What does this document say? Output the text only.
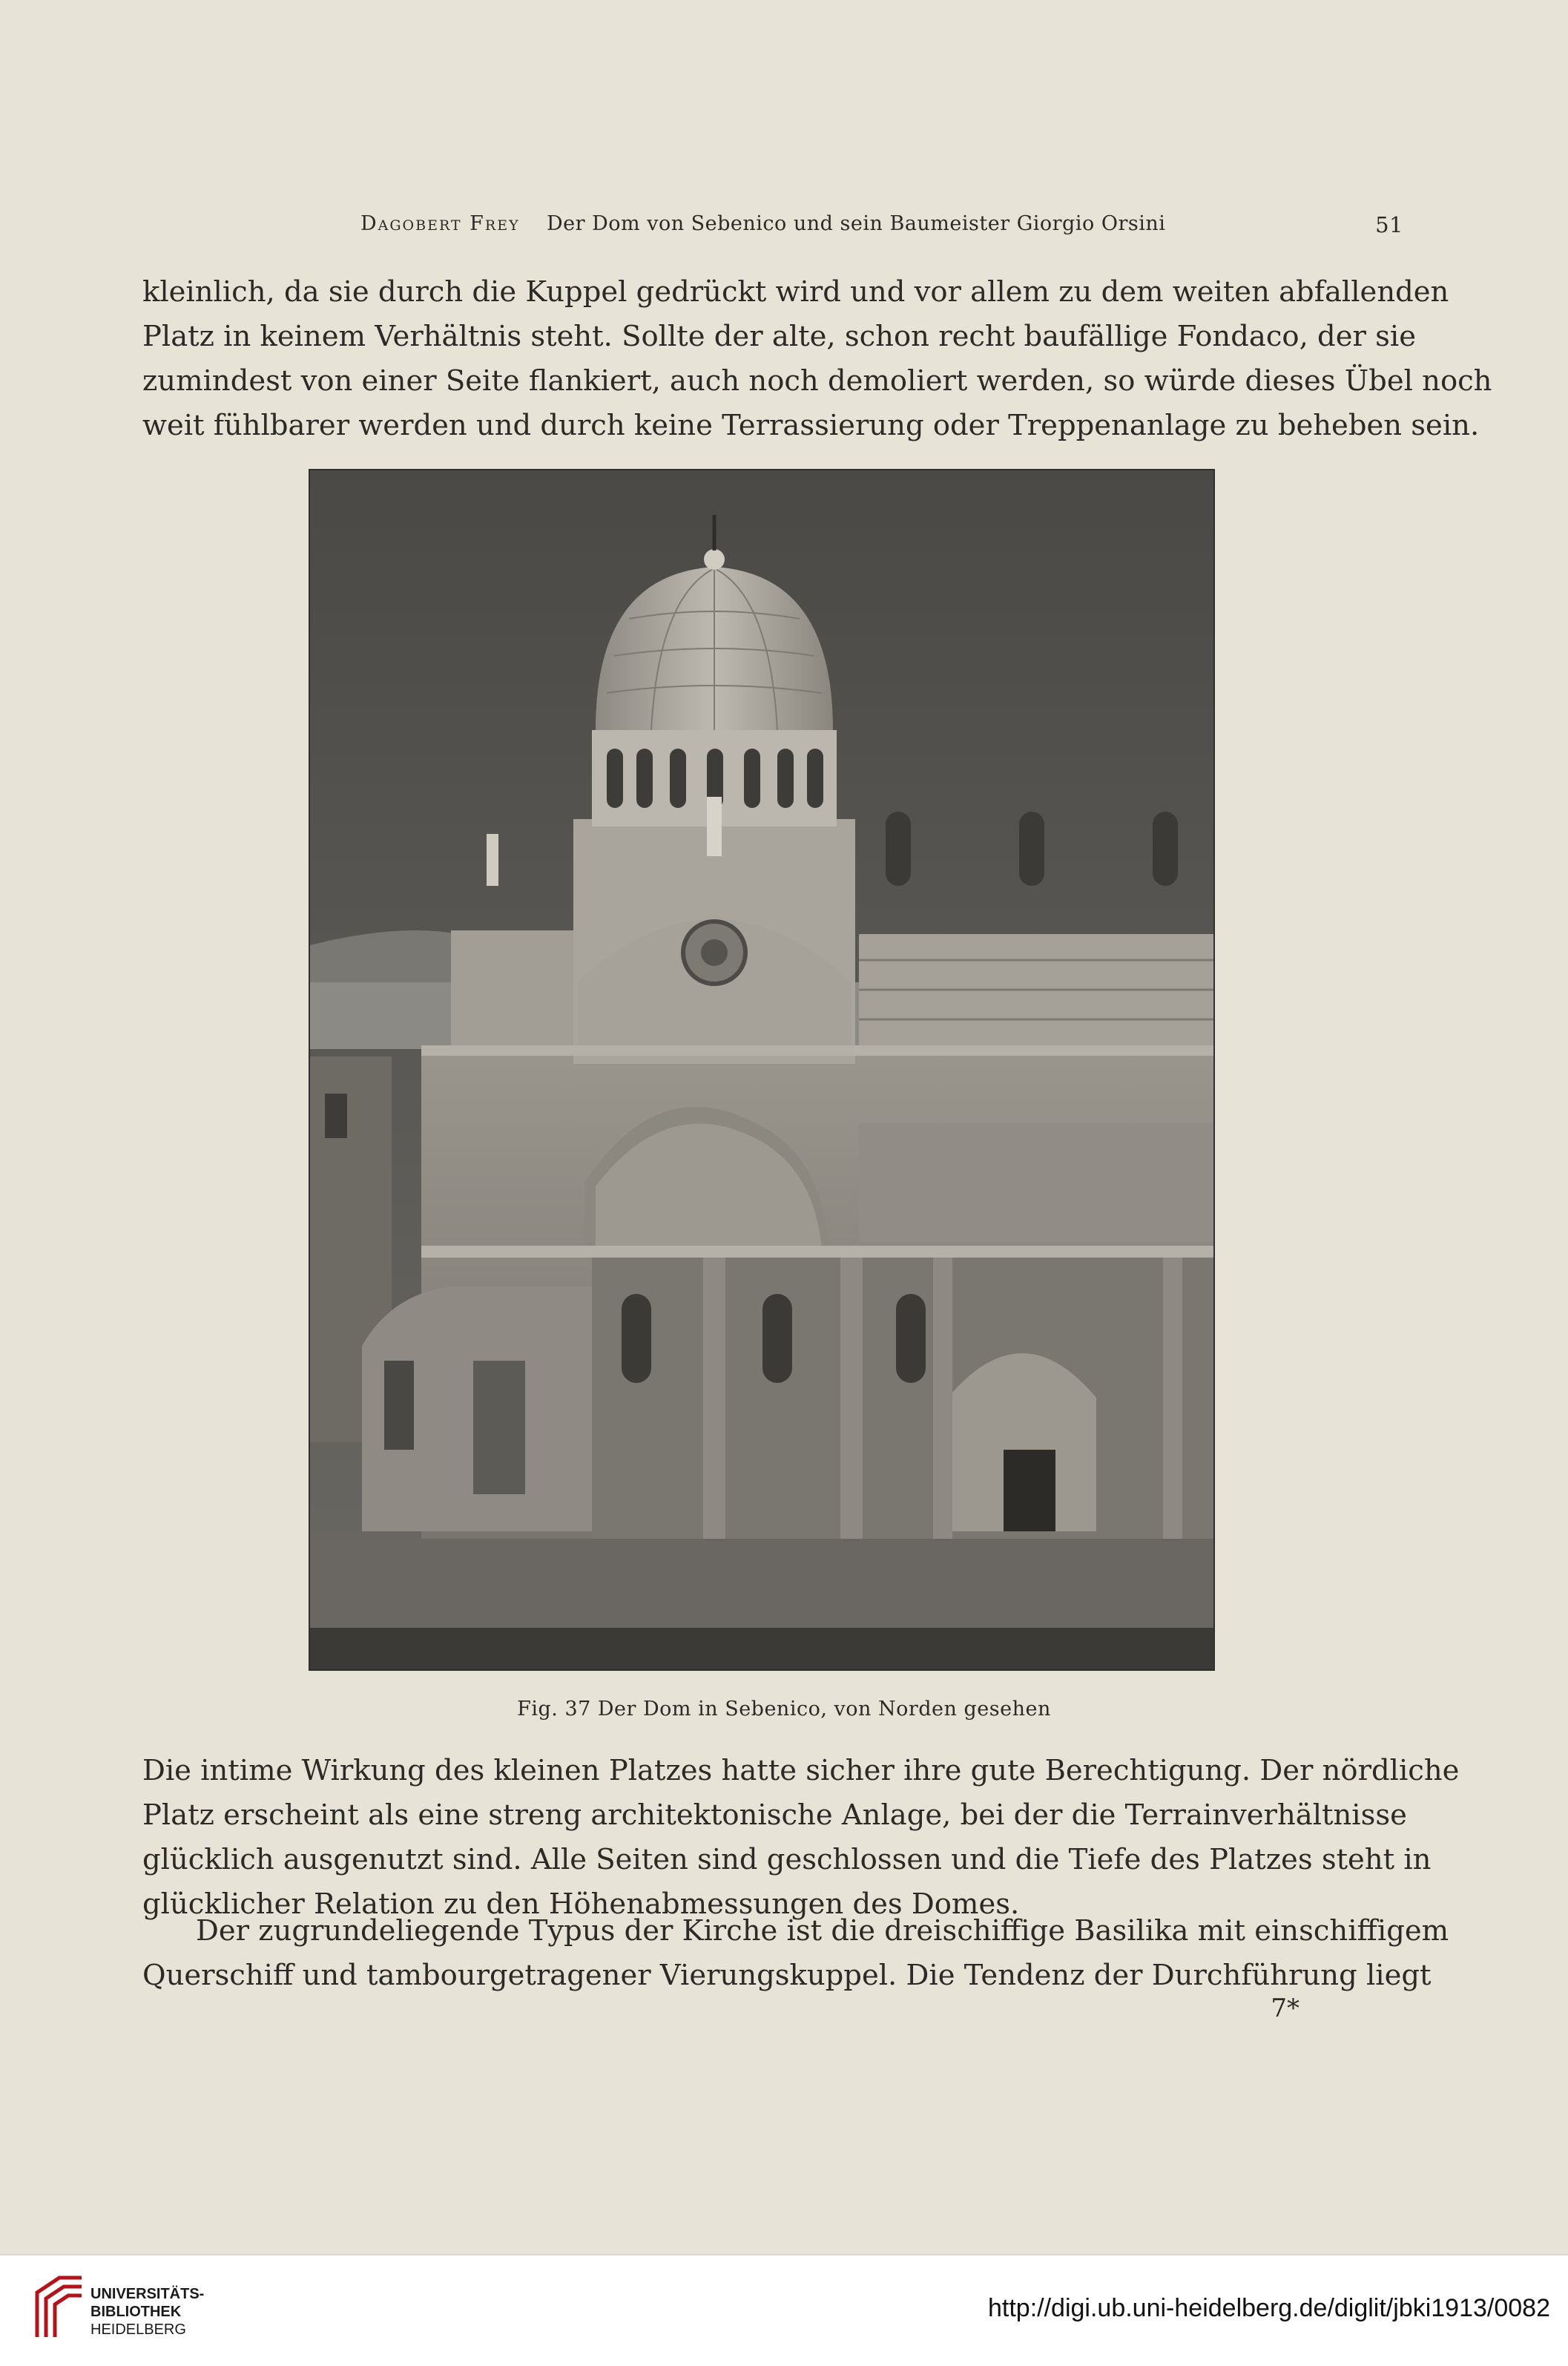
Dagobert Frey Der Dom von Sebenico und sein Baumeister Giorgio Orsini	51

kleinlich, da sie durch die Kuppel gedrückt wird und vor allem zu dem weiten abfallenden
Platz in keinem Verhältnis steht. Sollte der alte, schon recht baufällige Fondaco, der sie
zumindest von einer Seite flankiert, auch noch demoliert werden, so würde dieses Übel noch
weit fühlbarer werden und durch keine Terrassierung oder Treppenanlage zu beheben sein.

Fig. 37 Der Dom in Sebenico, von Norden gesehen

Die intime Wirkung des kleinen Platzes hatte sicher ihre gute Berechtigung. Der nördliche
Platz erscheint als eine streng architektonische Anlage, bei der die Terrainverhältnisse
glücklich ausgenutzt sind. Alle Seiten sind geschlossen und die Tiefe des Platzes steht in
glücklicher Relation zu den Höhenabmessungen des Domes.

Der zugrundeliegende Typus der Kirche ist die dreischiffige Basilika mit einschiffigem
Querschiff und tambourgetragener Vierungskuppel. Die Tendenz der Durchführung liegt

7*
UNIVERSITÄTS-
BIBLIOTHEK
HEIDELBERG
http://digi.ub.uni-heidelberg.de/diglit/jbki1913/0082
